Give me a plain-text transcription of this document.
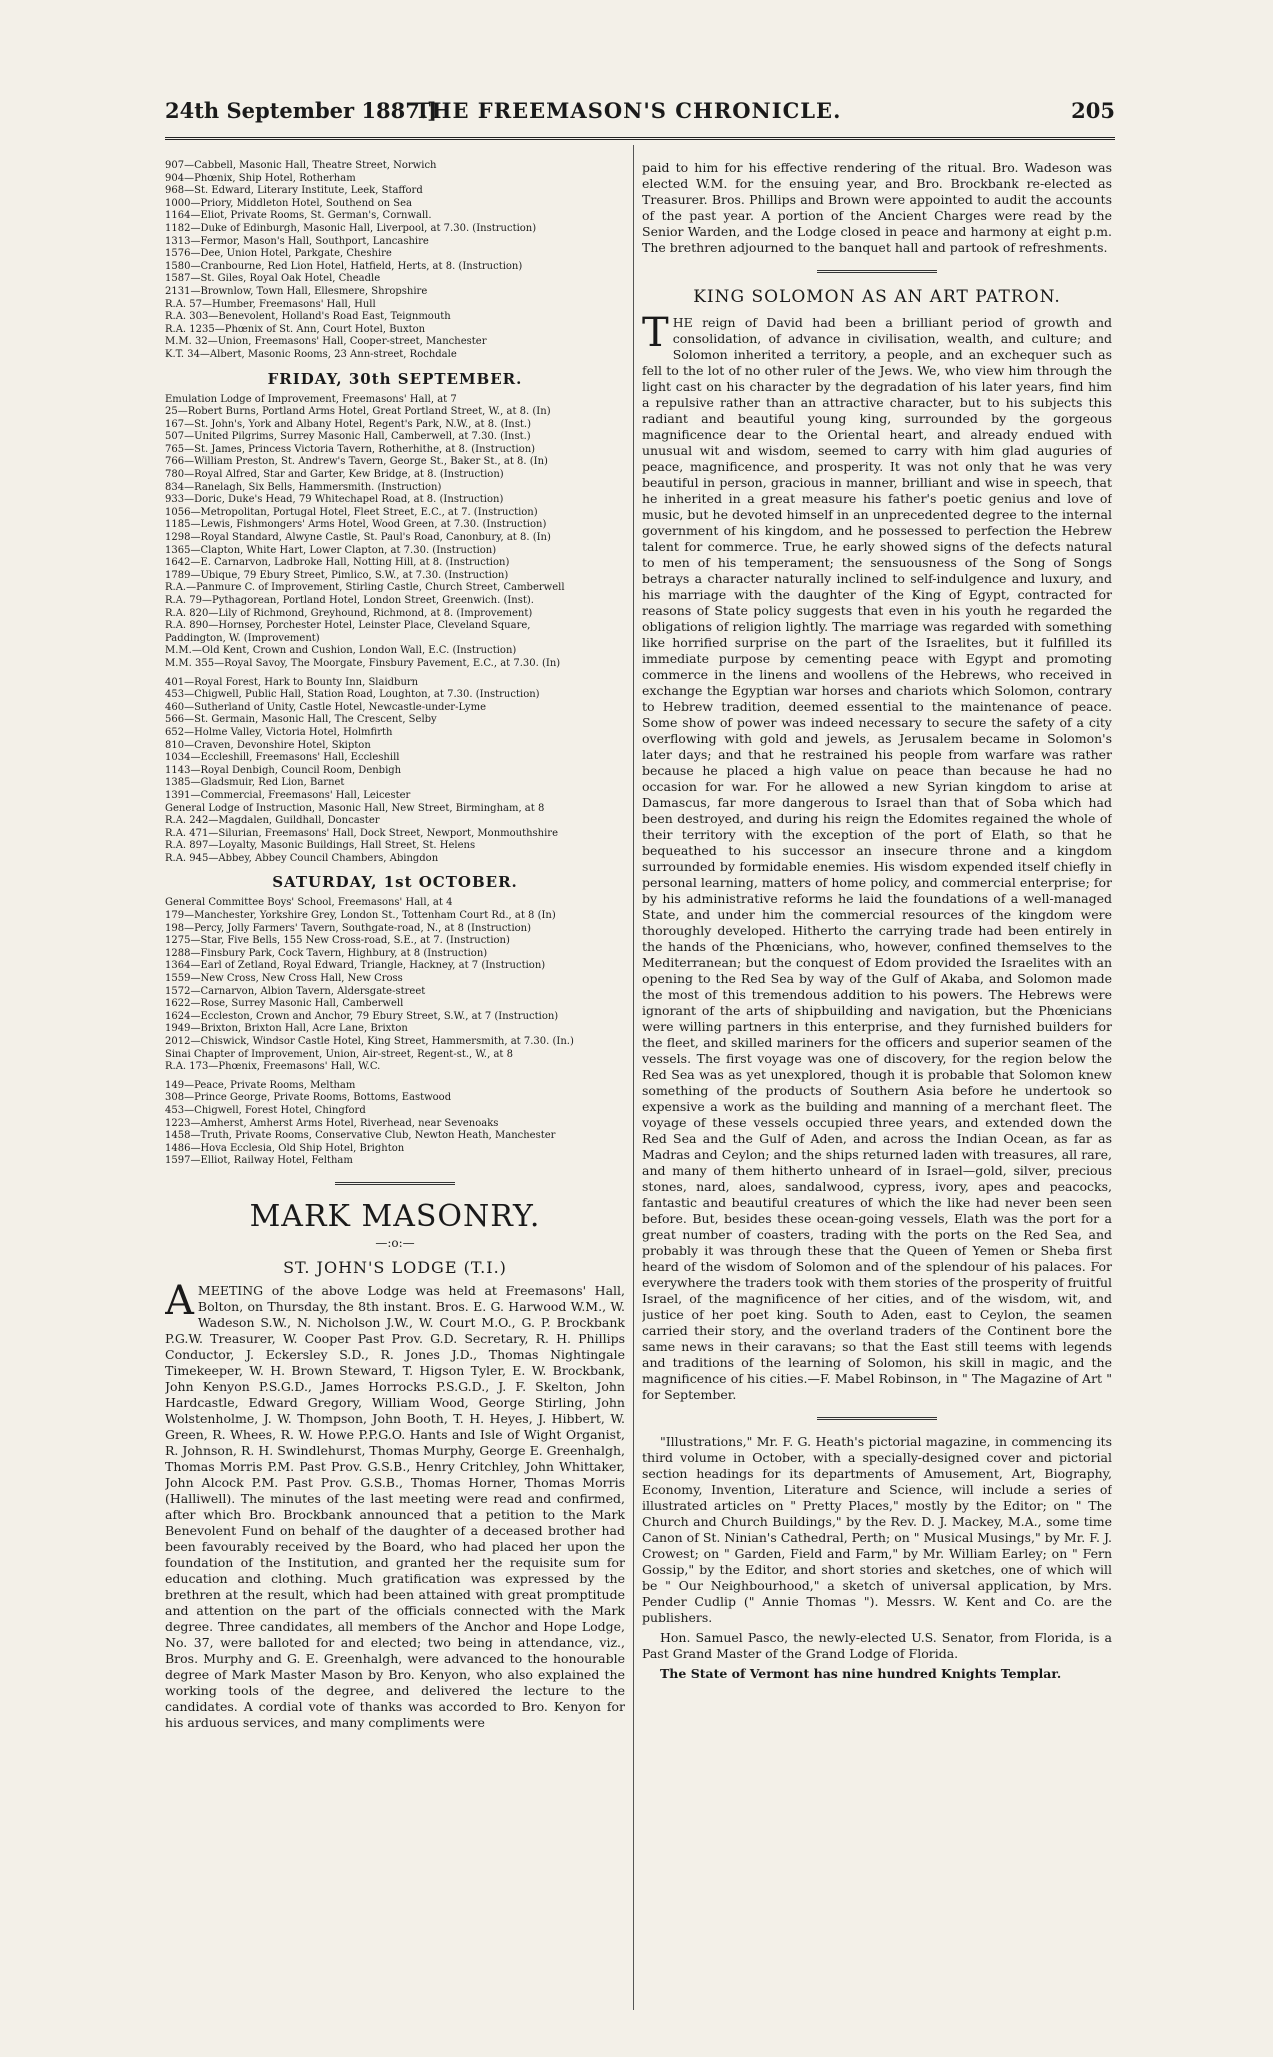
24th September 1887.]
THE FREEMASON'S CHRONICLE.	205
907—Cabbell, Masonic Hall, Theatre Street, Norwich
904—Phœnix, Ship Hotel, Rotherham
968—St. Edward, Literary Institute, Leek, Stafford
1000—Priory, Middleton Hotel, Southend on Sea
1164—Eliot, Private Rooms, St. German's, Cornwall.
1182—Duke of Edinburgh, Masonic Hall, Liverpool, at 7.30. (Instruction)
1313—Fermor, Mason's Hall, Southport, Lancashire
1576—Dee, Union Hotel, Parkgate, Cheshire
1580—Cranbourne, Red Lion Hotel, Hatfield, Herts, at 8. (Instruction)
1587—St. Giles, Royal Oak Hotel, Cheadle
2131—Brownlow, Town Hall, Ellesmere, Shropshire
R.A. 57—Humber, Freemasons' Hall, Hull
R.A. 303—Benevolent, Holland's Road East, Teignmouth
R.A. 1235—Phœnix of St. Ann, Court Hotel, Buxton
M.M. 32—Union, Freemasons' Hall, Cooper-street, Manchester
K.T. 34—Albert, Masonic Rooms, 23 Ann-street, Rochdale
FRIDAY, 30th SEPTEMBER.
Emulation Lodge of Improvement, Freemasons' Hall, at 7
25—Robert Burns, Portland Arms Hotel, Great Portland Street, W., at 8. (In)
167—St. John's, York and Albany Hotel, Regent's Park, N.W., at 8. (Inst.)
507—United Pilgrims, Surrey Masonic Hall, Camberwell, at 7.30. (Inst.)
765—St. James, Princess Victoria Tavern, Rotherhithe, at 8. (Instruction)
766—William Preston, St. Andrew's Tavern, George St., Baker St., at 8. (In)
780—Royal Alfred, Star and Garter, Kew Bridge, at 8. (Instruction)
834—Ranelagh, Six Bells, Hammersmith. (Instruction)
933—Doric, Duke's Head, 79 Whitechapel Road, at 8. (Instruction)
1056—Metropolitan, Portugal Hotel, Fleet Street, E.C., at 7. (Instruction)
1185—Lewis, Fishmongers' Arms Hotel, Wood Green, at 7.30. (Instruction)
1298—Royal Standard, Alwyne Castle, St. Paul's Road, Canonbury, at 8. (In)
1365—Clapton, White Hart, Lower Clapton, at 7.30. (Instruction)
1642—E. Carnarvon, Ladbroke Hall, Notting Hill, at 8. (Instruction)
1789—Ubique, 79 Ebury Street, Pimlico, S.W., at 7.30. (Instruction)
R.A.—Panmure C. of Improvement, Stirling Castle, Church Street, Camberwell
R.A. 79—Pythagorean, Portland Hotel, London Street, Greenwich. (Inst).
R.A. 820—Lily of Richmond, Greyhound, Richmond, at 8. (Improvement)
R.A. 890—Hornsey, Porchester Hotel, Leinster Place, Cleveland Square,
Paddington, W. (Improvement)
M.M.—Old Kent, Crown and Cushion, London Wall, E.C. (Instruction)
M.M. 355—Royal Savoy, The Moorgate, Finsbury Pavement, E.C., at 7.30. (In)
401—Royal Forest, Hark to Bounty Inn, Slaidburn
453—Chigwell, Public Hall, Station Road, Loughton, at 7.30. (Instruction)
460—Sutherland of Unity, Castle Hotel, Newcastle-under-Lyme
566—St. Germain, Masonic Hall, The Crescent, Selby
652—Holme Valley, Victoria Hotel, Holmfirth
810—Craven, Devonshire Hotel, Skipton
1034—Eccleshill, Freemasons' Hall, Eccleshill
1143—Royal Denbigh, Council Room, Denbigh
1385—Gladsmuir, Red Lion, Barnet
1391—Commercial, Freemasons' Hall, Leicester
General Lodge of Instruction, Masonic Hall, New Street, Birmingham, at 8
R.A. 242—Magdalen, Guildhall, Doncaster
R.A. 471—Silurian, Freemasons' Hall, Dock Street, Newport, Monmouthshire
R.A. 897—Loyalty, Masonic Buildings, Hall Street, St. Helens
R.A. 945—Abbey, Abbey Council Chambers, Abingdon
SATURDAY, 1st OCTOBER.
General Committee Boys' School, Freemasons' Hall, at 4
179—Manchester, Yorkshire Grey, London St., Tottenham Court Rd., at 8 (In)
198—Percy, Jolly Farmers' Tavern, Southgate-road, N., at 8 (Instruction)
1275—Star, Five Bells, 155 New Cross-road, S.E., at 7. (Instruction)
1288—Finsbury Park, Cock Tavern, Highbury, at 8 (Instruction)
1364—Earl of Zetland, Royal Edward, Triangle, Hackney, at 7 (Instruction)
1559—New Cross, New Cross Hall, New Cross
1572—Carnarvon, Albion Tavern, Aldersgate-street
1622—Rose, Surrey Masonic Hall, Camberwell
1624—Eccleston, Crown and Anchor, 79 Ebury Street, S.W., at 7 (Instruction)
1949—Brixton, Brixton Hall, Acre Lane, Brixton
2012—Chiswick, Windsor Castle Hotel, King Street, Hammersmith, at 7.30. (In.)
Sinai Chapter of Improvement, Union, Air-street, Regent-st., W., at 8
R.A. 173—Phœnix, Freemasons' Hall, W.C.
149—Peace, Private Rooms, Meltham
308—Prince George, Private Rooms, Bottoms, Eastwood
453—Chigwell, Forest Hotel, Chingford
1223—Amherst, Amherst Arms Hotel, Riverhead, near Sevenoaks
1458—Truth, Private Rooms, Conservative Club, Newton Heath, Manchester
1486—Hova Ecclesia, Old Ship Hotel, Brighton
1597—Elliot, Railway Hotel, Feltham
MARK MASONRY.
—:o:—
ST. JOHN'S LODGE (T.I.)

A MEETING of the above Lodge was held at Freemasons' Hall, Bolton, on Thursday, the 8th instant. Bros. E. G. Harwood W.M., W. Wadeson S.W., N. Nicholson J.W., W. Court M.O., G. P. Brockbank P.G.W. Treasurer, W. Cooper Past Prov. G.D. Secretary, R. H. Phillips Conductor, J. Eckersley S.D., R. Jones J.D., Thomas Nightingale Timekeeper, W. H. Brown Steward, T. Higson Tyler, E. W. Brockbank, John Kenyon P.S.G.D., James Horrocks P.S.G.D., J. F. Skelton, John Hardcastle, Edward Gregory, William Wood, George Stirling, John Wolstenholme, J. W. Thompson, John Booth, T. H. Heyes, J. Hibbert, W. Green, R. Whees, R. W. Howe P.P.G.O. Hants and Isle of Wight Organist, R. Johnson, R. H. Swindlehurst, Thomas Murphy, George E. Greenhalgh, Thomas Morris P.M. Past Prov. G.S.B., Henry Critchley, John Whittaker, John Alcock P.M. Past Prov. G.S.B., Thomas Horner, Thomas Morris (Halliwell). The minutes of the last meeting were read and confirmed, after which Bro. Brockbank announced that a petition to the Mark Benevolent Fund on behalf of the daughter of a deceased brother had been favourably received by the Board, who had placed her upon the foundation of the Institution, and granted her the requisite sum for education and clothing. Much gratification was expressed by the brethren at the result, which had been attained with great promptitude and attention on the part of the officials connected with the Mark degree. Three candidates, all members of the Anchor and Hope Lodge, No. 37, were balloted for and elected; two being in attendance, viz., Bros. Murphy and G. E. Greenhalgh, were advanced to the honourable degree of Mark Master Mason by Bro. Kenyon, who also explained the working tools of the degree, and delivered the lecture to the candidates. A cordial vote of thanks was accorded to Bro. Kenyon for his arduous services, and many compliments were

paid to him for his effective rendering of the ritual. Bro. Wadeson was elected W.M. for the ensuing year, and Bro. Brockbank re-elected as Treasurer. Bros. Phillips and Brown were appointed to audit the accounts of the past year. A portion of the Ancient Charges were read by the Senior Warden, and the Lodge closed in peace and harmony at eight p.m. The brethren adjourned to the banquet hall and partook of refreshments.

KING SOLOMON AS AN ART PATRON.

T HE reign of David had been a brilliant period of growth and consolidation, of advance in civilisation, wealth, and culture; and Solomon inherited a territory, a people, and an exchequer such as fell to the lot of no other ruler of the Jews. We, who view him through the light cast on his character by the degradation of his later years, find him a repulsive rather than an attractive character, but to his subjects this radiant and beautiful young king, surrounded by the gorgeous magnificence dear to the Oriental heart, and already endued with unusual wit and wisdom, seemed to carry with him glad auguries of peace, magnificence, and prosperity. It was not only that he was very beautiful in person, gracious in manner, brilliant and wise in speech, that he inherited in a great measure his father's poetic genius and love of music, but he devoted himself in an unprecedented degree to the internal government of his kingdom, and he possessed to perfection the Hebrew talent for commerce. True, he early showed signs of the defects natural to men of his temperament; the sensuousness of the Song of Songs betrays a character naturally inclined to self-indulgence and luxury, and his marriage with the daughter of the King of Egypt, contracted for reasons of State policy suggests that even in his youth he regarded the obligations of religion lightly. The marriage was regarded with something like horrified surprise on the part of the Israelites, but it fulfilled its immediate purpose by cementing peace with Egypt and promoting commerce in the linens and woollens of the Hebrews, who received in exchange the Egyptian war horses and chariots which Solomon, contrary to Hebrew tradition, deemed essential to the maintenance of peace. Some show of power was indeed necessary to secure the safety of a city overflowing with gold and jewels, as Jerusalem became in Solomon's later days; and that he restrained his people from warfare was rather because he placed a high value on peace than because he had no occasion for war. For he allowed a new Syrian kingdom to arise at Damascus, far more dangerous to Israel than that of Soba which had been destroyed, and during his reign the Edomites regained the whole of their territory with the exception of the port of Elath, so that he bequeathed to his successor an insecure throne and a kingdom surrounded by formidable enemies. His wisdom expended itself chiefly in personal learning, matters of home policy, and commercial enterprise; for by his administrative reforms he laid the foundations of a well-managed State, and under him the commercial resources of the kingdom were thoroughly developed. Hitherto the carrying trade had been entirely in the hands of the Phœnicians, who, however, confined themselves to the Mediterranean; but the conquest of Edom provided the Israelites with an opening to the Red Sea by way of the Gulf of Akaba, and Solomon made the most of this tremendous addition to his powers. The Hebrews were ignorant of the arts of shipbuilding and navigation, but the Phœnicians were willing partners in this enterprise, and they furnished builders for the fleet, and skilled mariners for the officers and superior seamen of the vessels. The first voyage was one of discovery, for the region below the Red Sea was as yet unexplored, though it is probable that Solomon knew something of the products of Southern Asia before he undertook so expensive a work as the building and manning of a merchant fleet. The voyage of these vessels occupied three years, and extended down the Red Sea and the Gulf of Aden, and across the Indian Ocean, as far as Madras and Ceylon; and the ships returned laden with treasures, all rare, and many of them hitherto unheard of in Israel—gold, silver, precious stones, nard, aloes, sandalwood, cypress, ivory, apes and peacocks, fantastic and beautiful creatures of which the like had never been seen before. But, besides these ocean-going vessels, Elath was the port for a great number of coasters, trading with the ports on the Red Sea, and probably it was through these that the Queen of Yemen or Sheba first heard of the wisdom of Solomon and of the splendour of his palaces. For everywhere the traders took with them stories of the prosperity of fruitful Israel, of the magnificence of her cities, and of the wisdom, wit, and justice of her poet king. South to Aden, east to Ceylon, the seamen carried their story, and the overland traders of the Continent bore the same news in their caravans; so that the East still teems with legends and traditions of the learning of Solomon, his skill in magic, and the magnificence of his cities.—F. Mabel Robinson, in " The Magazine of Art " for September.

"Illustrations," Mr. F. G. Heath's pictorial magazine, in commencing its third volume in October, with a specially-designed cover and pictorial section headings for its departments of Amusement, Art, Biography, Economy, Invention, Literature and Science, will include a series of illustrated articles on " Pretty Places," mostly by the Editor; on " The Church and Church Buildings," by the Rev. D. J. Mackey, M.A., some time Canon of St. Ninian's Cathedral, Perth; on " Musical Musings," by Mr. F. J. Crowest; on " Garden, Field and Farm," by Mr. William Earley; on " Fern Gossip," by the Editor, and short stories and sketches, one of which will be " Our Neighbourhood," a sketch of universal application, by Mrs. Pender Cudlip (" Annie Thomas "). Messrs. W. Kent and Co. are the publishers.

Hon. Samuel Pasco, the newly-elected U.S. Senator, from Florida, is a Past Grand Master of the Grand Lodge of Florida.

The State of Vermont has nine hundred Knights Templar.
